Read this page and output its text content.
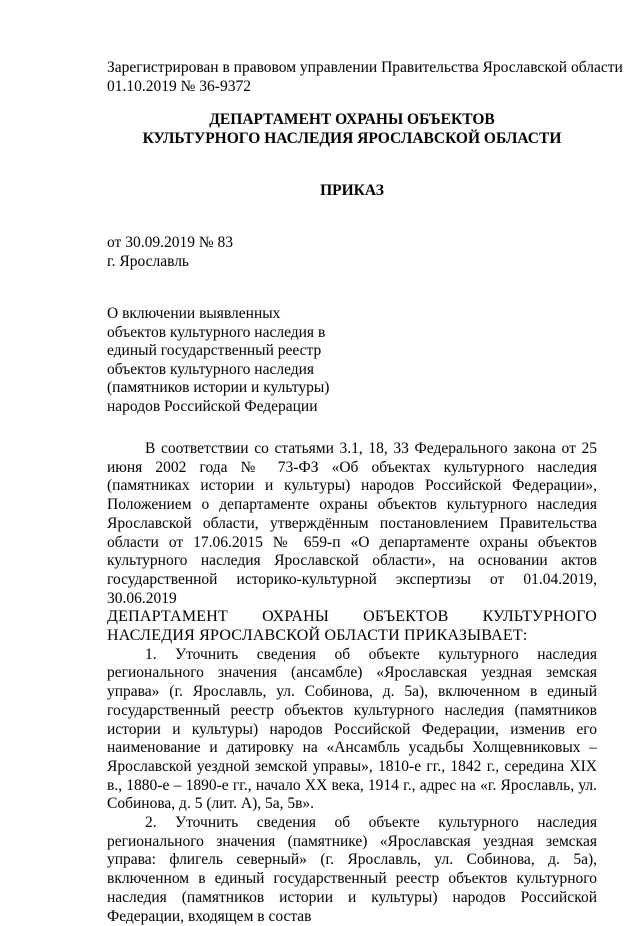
Зарегистрирован в правовом управлении Правительства Ярославской области
01.10.2019 № 36-9372
ДЕПАРТАМЕНТ ОХРАНЫ ОБЪЕКТОВ
КУЛЬТУРНОГО НАСЛЕДИЯ ЯРОСЛАВСКОЙ ОБЛАСТИ
ПРИКАЗ
от 30.09.2019 № 83
г. Ярославль
О включении выявленных
объектов культурного наследия в
единый государственный реестр
объектов культурного наследия
(памятников истории и культуры)
народов Российской Федерации

В соответствии со статьями 3.1, 18, 33 Федерального закона от 25 июня 2002 года № 73-ФЗ «Об объектах культурного наследия (памятниках истории и культуры) народов Российской Федерации», Положением о департаменте охраны объектов культурного наследия Ярославской области, утверждённым постановлением Правительства области от 17.06.2015 № 659-п «О департаменте охраны объектов культурного наследия Ярославской области», на основании актов государственной историко-культурной экспертизы от 01.04.2019, 30.06.2019

ДЕПАРТАМЕНТ ОХРАНЫ ОБЪЕКТОВ КУЛЬТУРНОГО НАСЛЕДИЯ ЯРОСЛАВСКОЙ ОБЛАСТИ ПРИКАЗЫВАЕТ:

1. Уточнить сведения об объекте культурного наследия регионального значения (ансамбле) «Ярославская уездная земская управа» (г. Ярославль, ул. Собинова, д. 5а), включенном в единый государственный реестр объектов культурного наследия (памятников истории и культуры) народов Российской Федерации, изменив его наименование и датировку на «Ансамбль усадьбы Холщевниковых – Ярославской уездной земской управы», 1810-е гг., 1842 г., середина XIX в., 1880-е – 1890-е гг., начало XX века, 1914 г., адрес на «г. Ярославль, ул. Собинова, д. 5 (лит. А), 5а, 5в».

2. Уточнить сведения об объекте культурного наследия регионального значения (памятнике) «Ярославская уездная земская управа: флигель северный» (г. Ярославль, ул. Собинова, д. 5а), включенном в единый государственный реестр объектов культурного наследия (памятников истории и культуры) народов Российской Федерации, входящем в состав
